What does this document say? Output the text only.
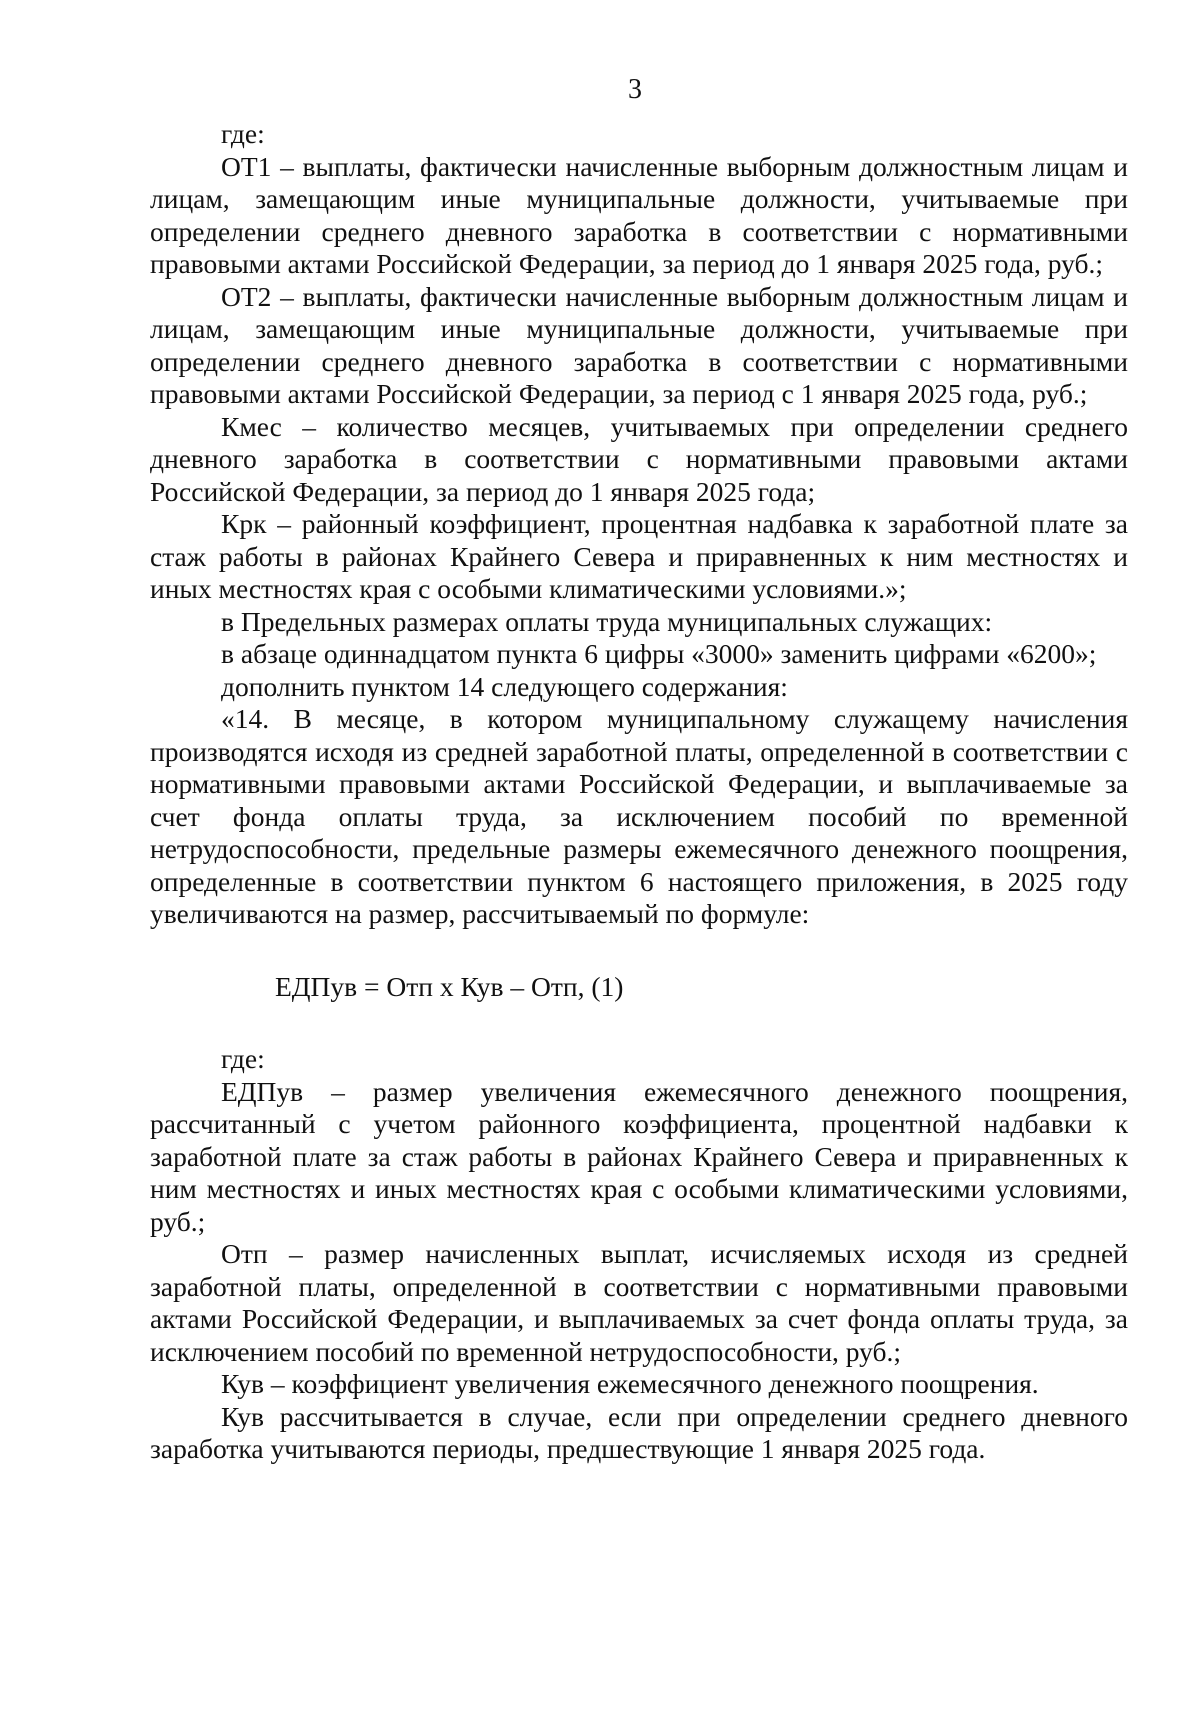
3

где:

ОТ1 – выплаты, фактически начисленные выборным должностным лицам и лицам, замещающим иные муниципальные должности, учитываемые при определении среднего дневного заработка в соответствии с нормативными правовыми актами Российской Федерации, за период до 1 января 2025 года, руб.;

ОТ2 – выплаты, фактически начисленные выборным должностным лицам и лицам, замещающим иные муниципальные должности, учитываемые при определении среднего дневного заработка в соответствии с нормативными правовыми актами Российской Федерации, за период с 1 января 2025 года, руб.;

Кмес – количество месяцев, учитываемых при определении среднего дневного заработка в соответствии с нормативными правовыми актами Российской Федерации, за период до 1 января 2025 года;

Крк – районный коэффициент, процентная надбавка к заработной плате за стаж работы в районах Крайнего Севера и приравненных к ним местностях и иных местностях края с особыми климатическими условиями.»;

в Предельных размерах оплаты труда муниципальных служащих:

в абзаце одиннадцатом пункта 6 цифры «3000» заменить цифрами «6200»;

дополнить пунктом 14 следующего содержания:

«14. В месяце, в котором муниципальному служащему начисления производятся исходя из средней заработной платы, определенной в соответствии с нормативными правовыми актами Российской Федерации, и выплачиваемые за счет фонда оплаты труда, за исключением пособий по временной нетрудоспособности, предельные размеры ежемесячного денежного поощрения, определенные в соответствии пунктом 6 настоящего приложения, в 2025 году увеличиваются на размер, рассчитываемый по формуле:

ЕДПув = Отп х Кув – Отп, (1)

где:

ЕДПув – размер увеличения ежемесячного денежного поощрения, рассчитанный с учетом районного коэффициента, процентной надбавки к заработной плате за стаж работы в районах Крайнего Севера и приравненных к ним местностях и иных местностях края с особыми климатическими условиями, руб.;

Отп – размер начисленных выплат, исчисляемых исходя из средней заработной платы, определенной в соответствии с нормативными правовыми актами Российской Федерации, и выплачиваемых за счет фонда оплаты труда, за исключением пособий по временной нетрудоспособности, руб.;

Кув – коэффициент увеличения ежемесячного денежного поощрения.

Кув рассчитывается в случае, если при определении среднего дневного заработка учитываются периоды, предшествующие 1 января 2025 года.
